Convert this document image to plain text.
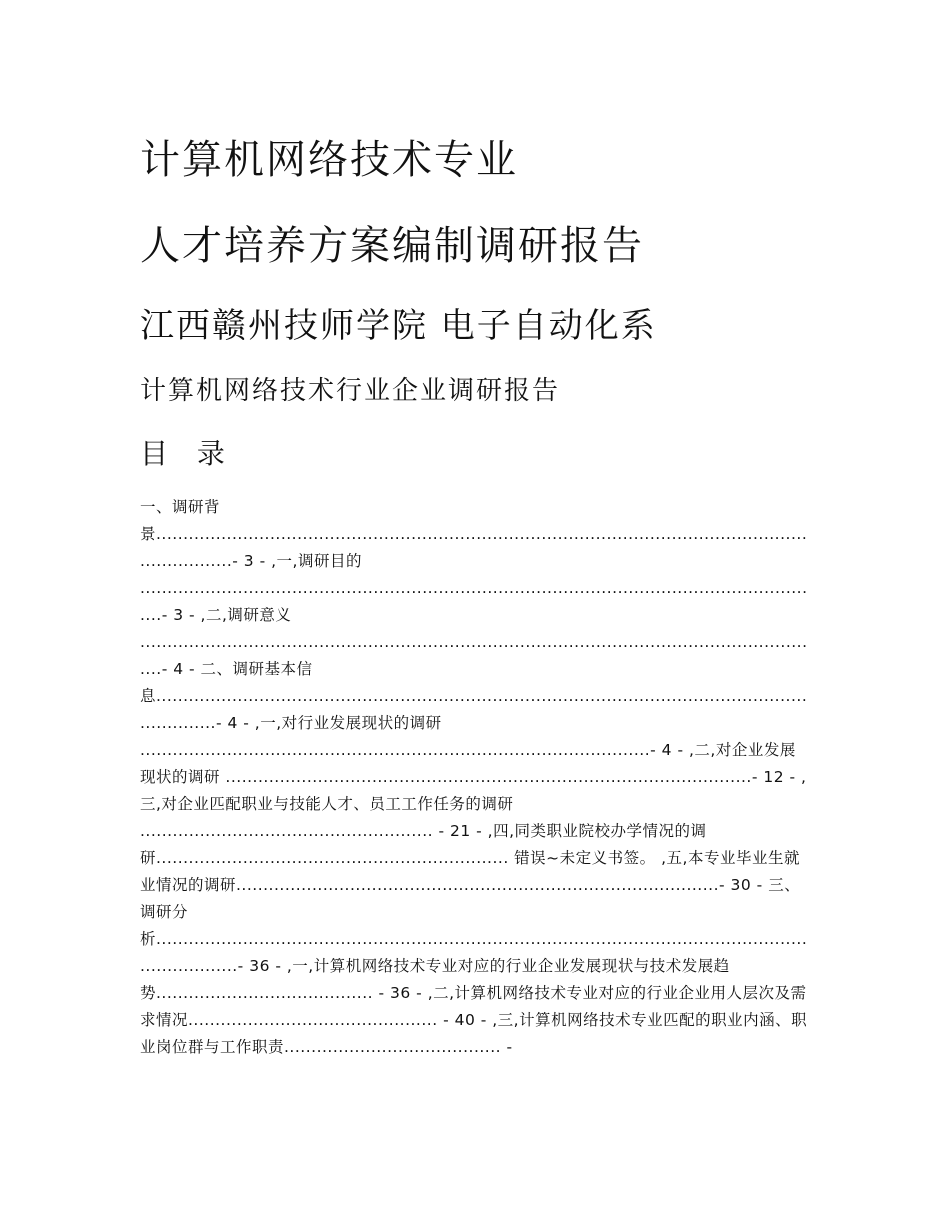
计算机网络技术专业
人才培养方案编制调研报告
江西赣州技师学院 电子自动化系
计算机网络技术行业企业调研报告
目 录

一、调研背景.........................................................................................................................................- 3 - ,一,调研目的 ...............................................................................................................................- 3 - ,二,调研意义 ...............................................................................................................................- 4 - 二、调研基本信息......................................................................................................................................- 4 - ,一,对行业发展现状的调研 ..............................................................................................- 4 - ,二,对企业发展现状的调研 .................................................................................................- 12 - ,三,对企业匹配职业与技能人才、员工工作任务的调研 ...................................................... - 21 - ,四,同类职业院校办学情况的调研................................................................. 错误~未定义书签。 ,五,本专业毕业生就业情况的调研.........................................................................................- 30 - 三、调研分析..........................................................................................................................................- 36 - ,一,计算机网络技术专业对应的行业企业发展现状与技术发展趋势........................................ - 36 - ,二,计算机网络技术专业对应的行业企业用人层次及需求情况.............................................. - 40 - ,三,计算机网络技术专业匹配的职业内涵、职业岗位群与工作职责........................................ -
